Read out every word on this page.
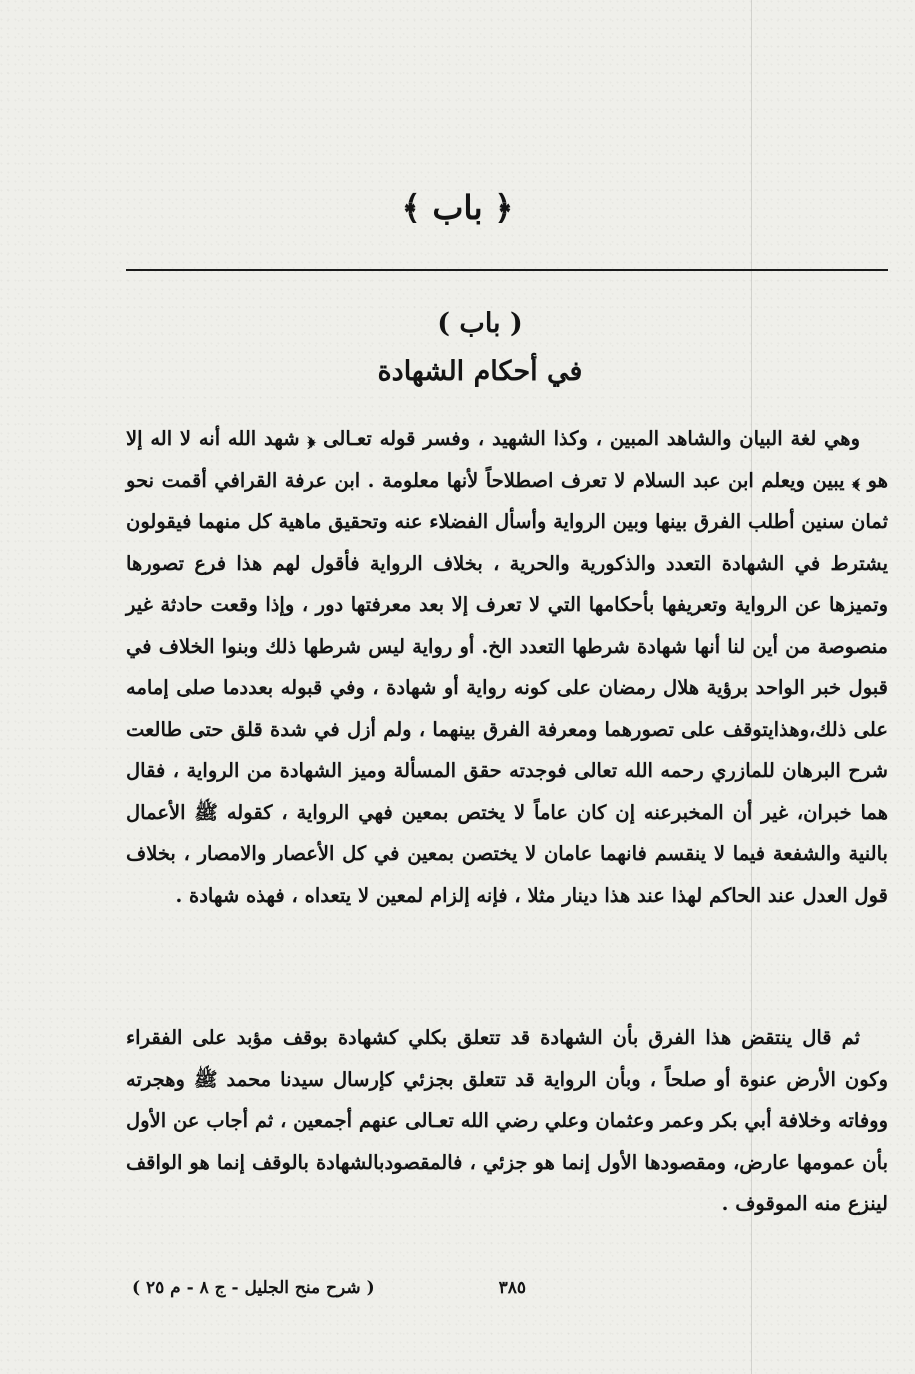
﴿ باب ﴾
( باب )
في أحكام الشهادة

وهي لغة البيان والشاهد المبين ، وكذا الشهيد ، وفسر قوله تعـالى ﴿ شهد الله أنه لا اله إلا هو ﴾ يبين ويعلم ابن عبد السلام لا تعرف اصطلاحاً لأنها معلومة . ابن عرفة القرافي أقمت نحو ثمان سنين أطلب الفرق بينها وبين الرواية وأسأل الفضلاء عنه وتحقيق ماهية كل منهما فيقولون يشترط في الشهادة التعدد والذكورية والحرية ، بخلاف الرواية فأقول لهم هذا فرع تصورها وتميزها عن الرواية وتعريفها بأحكامها التي لا تعرف إلا بعد معرفتها دور ، وإذا وقعت حادثة غير منصوصة من أين لنا أنها شهادة شرطها التعدد الخ. أو رواية ليس شرطها ذلك وبنوا الخلاف في قبول خبر الواحد برؤية هلال رمضان على كونه رواية أو شهادة ، وفي قبوله بعددما صلى إمامه على ذلك،وهذايتوقف على تصورهما ومعرفة الفرق بينهما ، ولم أزل في شدة قلق حتى طالعت شرح البرهان للمازري رحمه الله تعالى فوجدته حقق المسألة وميز الشهادة من الرواية ، فقال هما خبران، غير أن المخبرعنه إن كان عاماً لا يختص بمعين فهي الرواية ، كقوله ﷺ الأعمال بالنية والشفعة فيما لا ينقسم فانهما عامان لا يختصن بمعين في كل الأعصار والامصار ، بخلاف قول العدل عند الحاكم لهذا عند هذا دينار مثلا ، فإنه إلزام لمعين لا يتعداه ، فهذه شهادة .

ثم قال ينتقض هذا الفرق بأن الشهادة قد تتعلق بكلي كشهادة بوقف مؤبد على الفقراء وكون الأرض عنوة أو صلحاً ، وبأن الرواية قد تتعلق بجزئي كإرسال سيدنا محمد ﷺ وهجرته ووفاته وخلافة أبي بكر وعمر وعثمان وعلي رضي الله تعـالى عنهم أجمعين ، ثم أجاب عن الأول بأن عمومها عارض، ومقصودها الأول إنما هو جزئي ، فالمقصودبالشهادة بالوقف إنما هو الواقف لينزع منه الموقوف .

٣٨٥
( شرح منح الجليل - ج ٨ - م ٢٥ )
